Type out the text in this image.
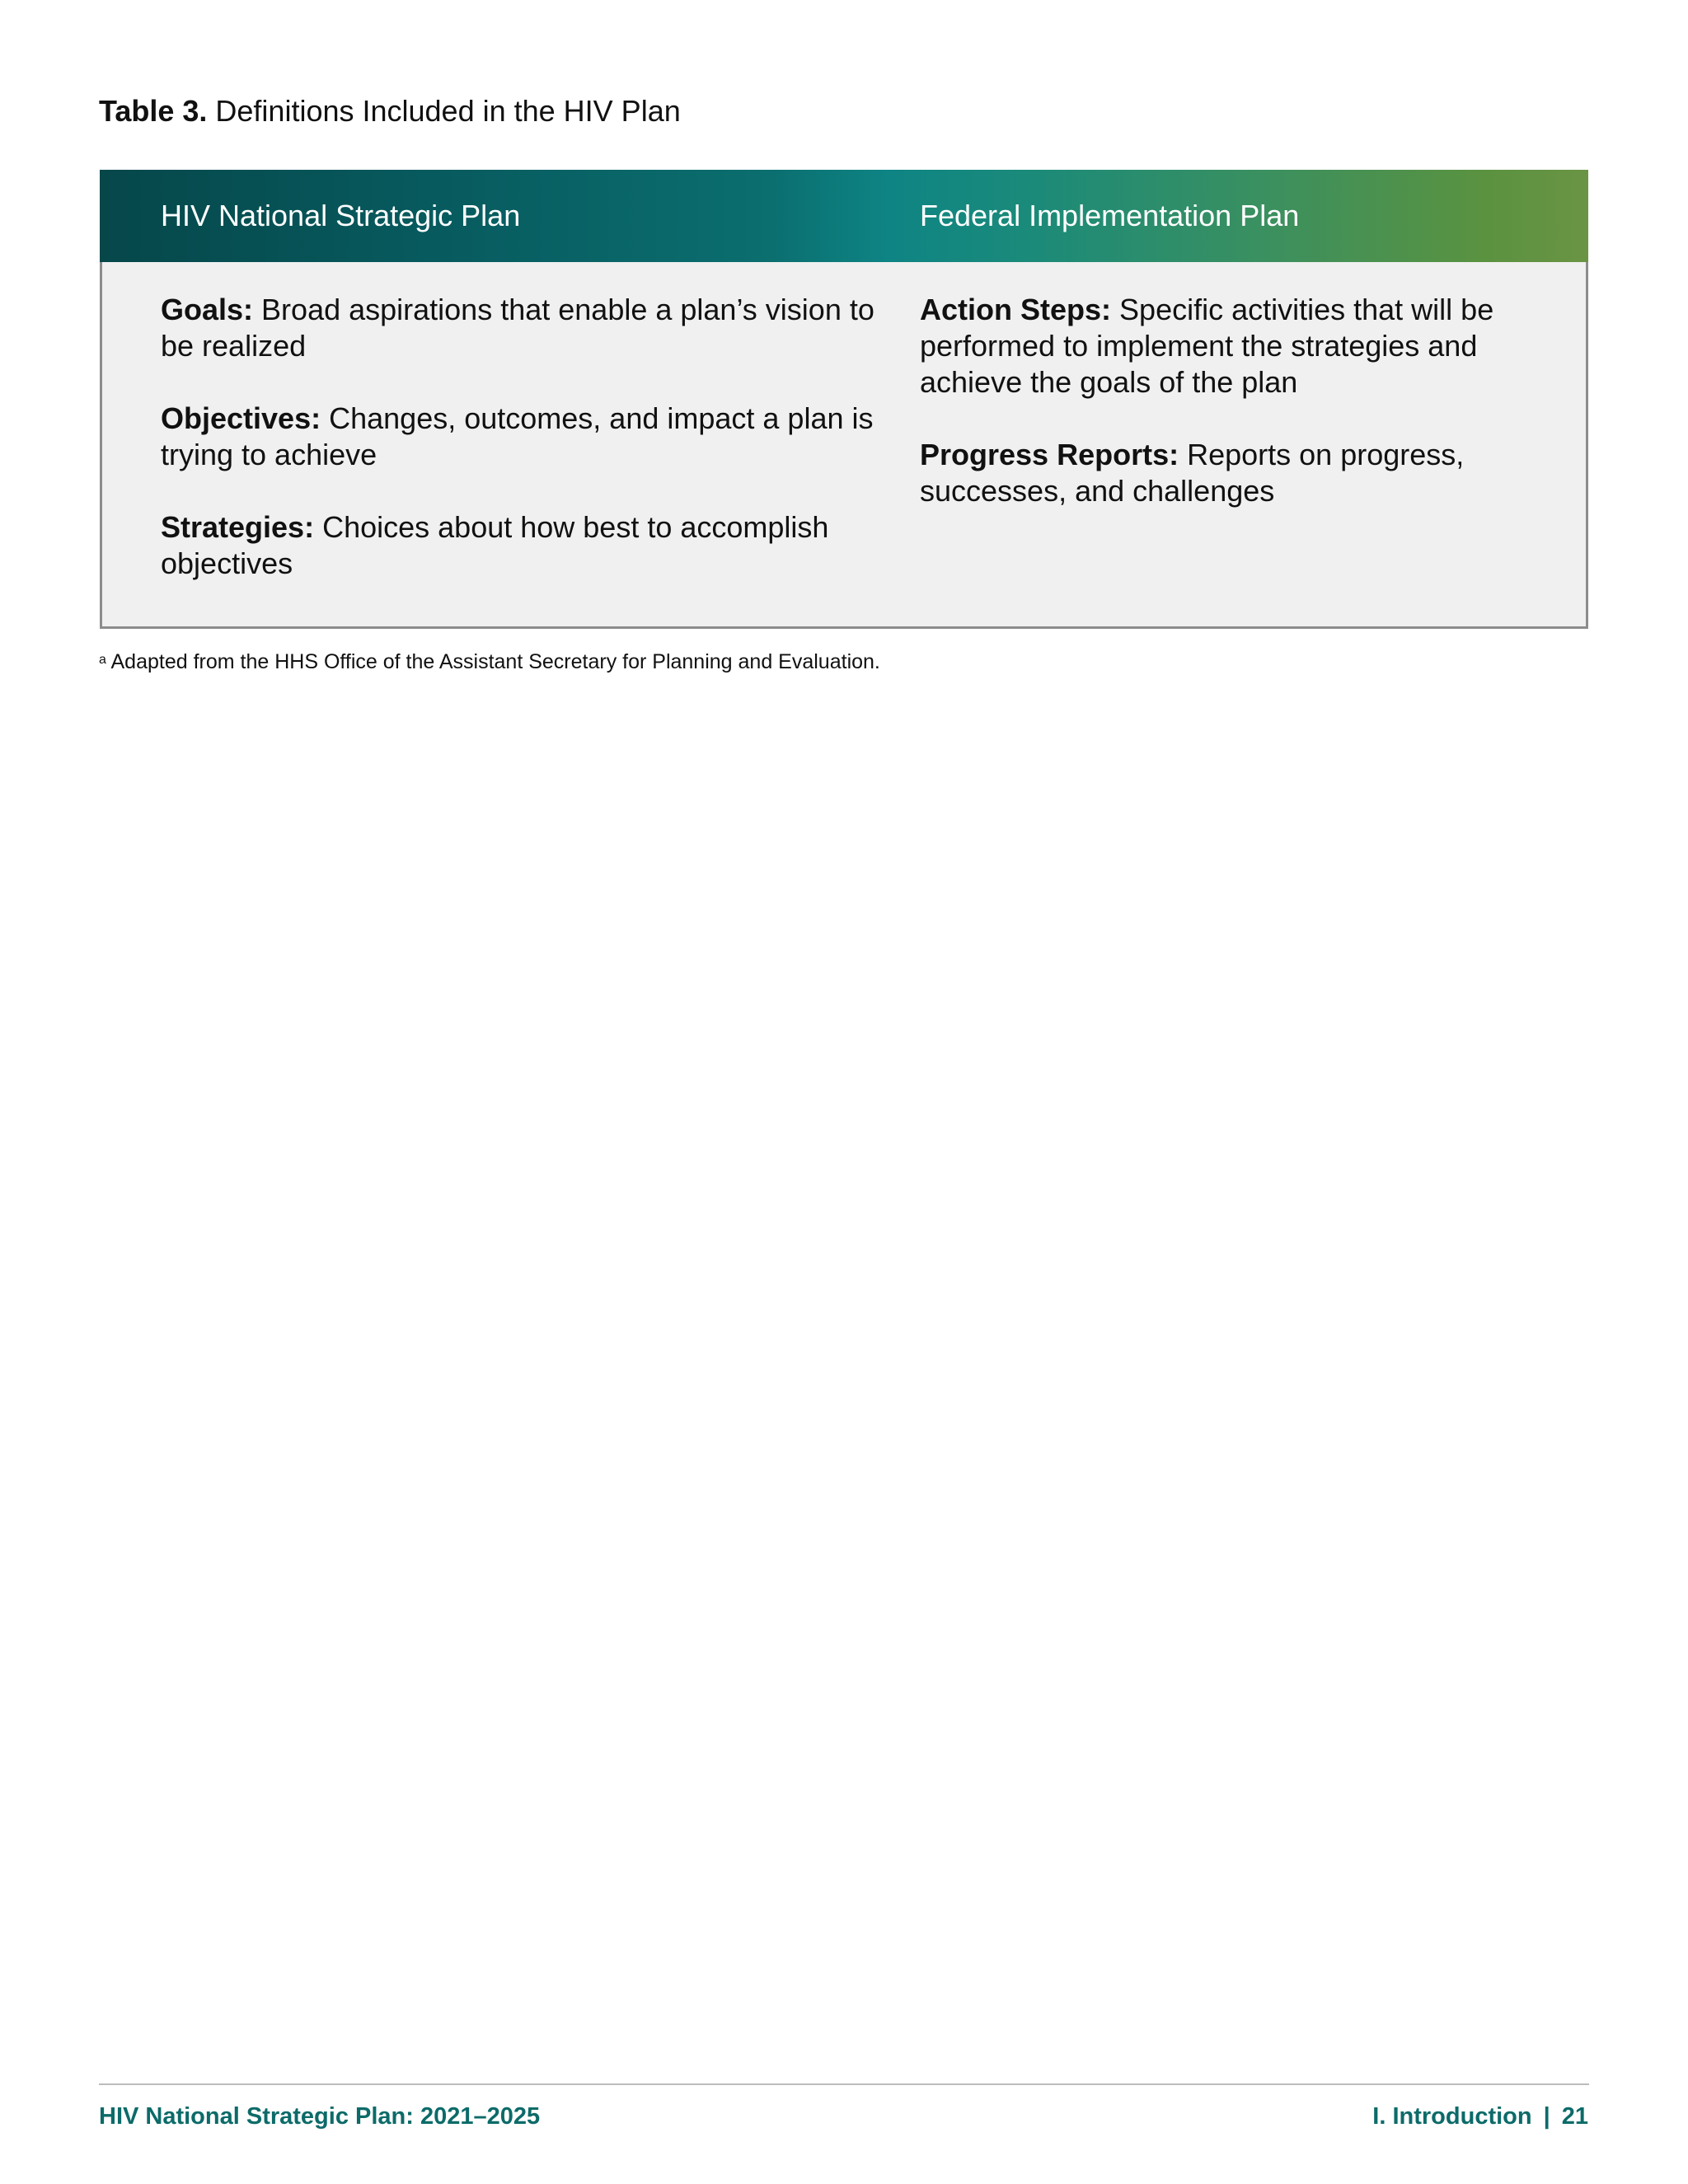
Table 3. Definitions Included in the HIV Plan
HIV National Strategic Plan	Federal Implementation Plan

Goals: Broad aspirations that enable a plan’s vision to be realized

Objectives: Changes, outcomes, and impact a plan is trying to achieve

Strategies: Choices about how best to accomplish objectives

Action Steps: Specific activities that will be performed to implement the strategies and achieve the goals of the plan

Progress Reports: Reports on progress, successes, and challenges

$^a$ Adapted from the HHS Office of the Assistant Secretary for Planning and Evaluation.
HIV National Strategic Plan: 2021–2025	I. Introduction | 21
